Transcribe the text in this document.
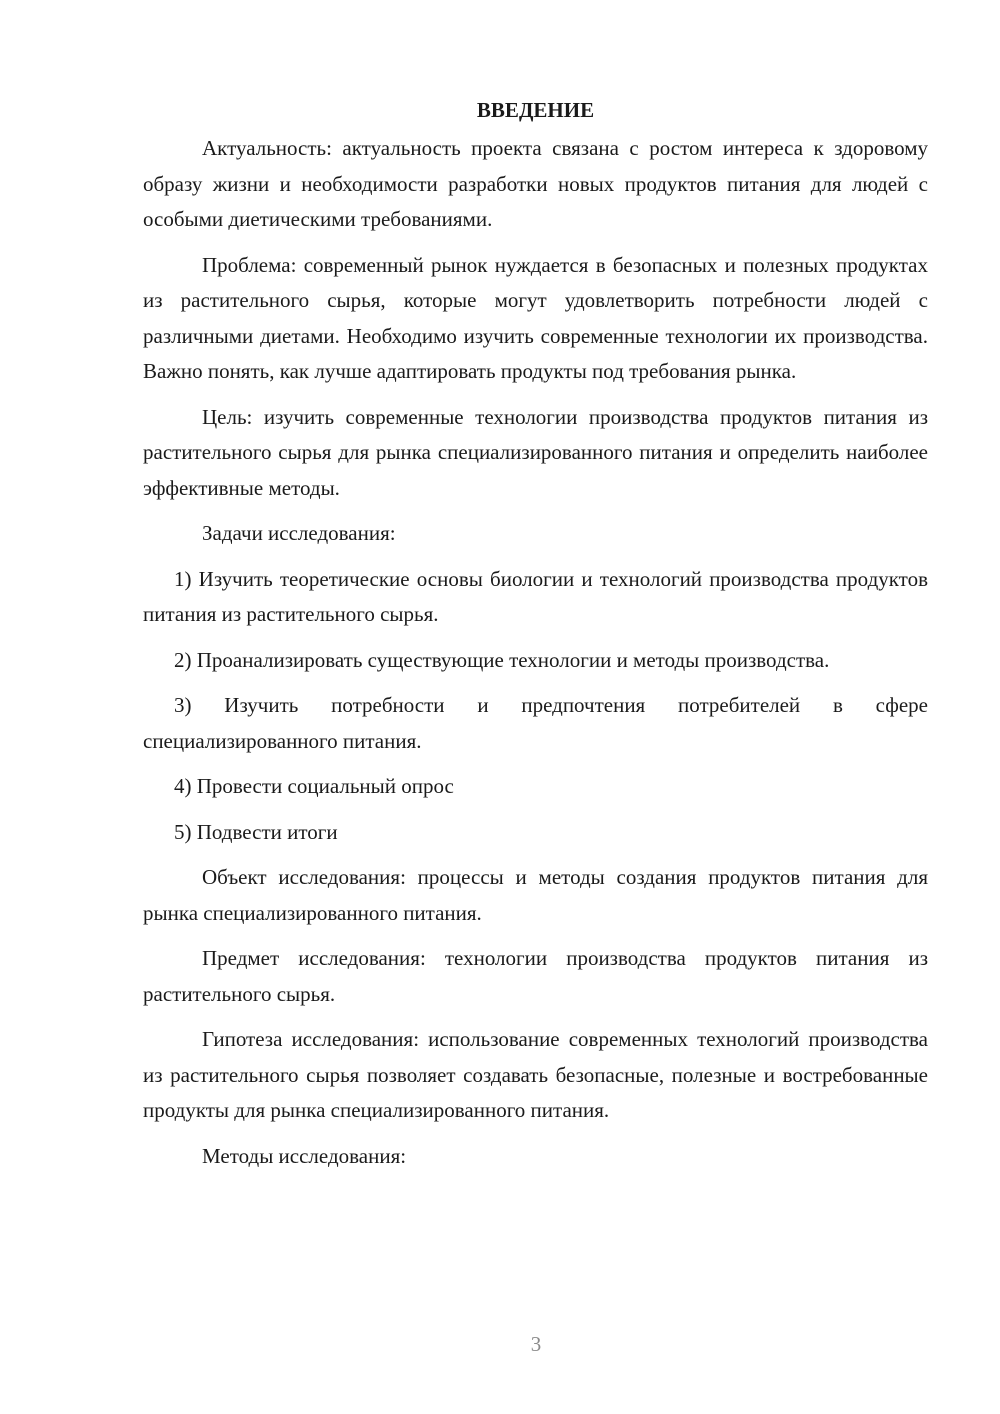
ВВЕДЕНИЕ

Актуальность: актуальность проекта связана с ростом интереса к здоровому образу жизни и необходимости разработки новых продуктов питания для людей с особыми диетическими требованиями.

Проблема: современный рынок нуждается в безопасных и полезных продуктах из растительного сырья, которые могут удовлетворить потребности людей с различными диетами. Необходимо изучить современные технологии их производства. Важно понять, как лучше адаптировать продукты под требования рынка.

Цель: изучить современные технологии производства продуктов питания из растительного сырья для рынка специализированного питания и определить наиболее эффективные методы.

Задачи исследования:

1) Изучить теоретические основы биологии и технологий производства продуктов питания из растительного сырья.

2) Проанализировать существующие технологии и методы производства.

3) Изучить потребности и предпочтения потребителей в сфере специализированного питания.

4) Провести социальный опрос

5) Подвести итоги

Объект исследования: процессы и методы создания продуктов питания для рынка специализированного питания.

Предмет исследования: технологии производства продуктов питания из растительного сырья.

Гипотеза исследования: использование современных технологий производства из растительного сырья позволяет создавать безопасные, полезные и востребованные продукты для рынка специализированного питания.

Методы исследования:

3
